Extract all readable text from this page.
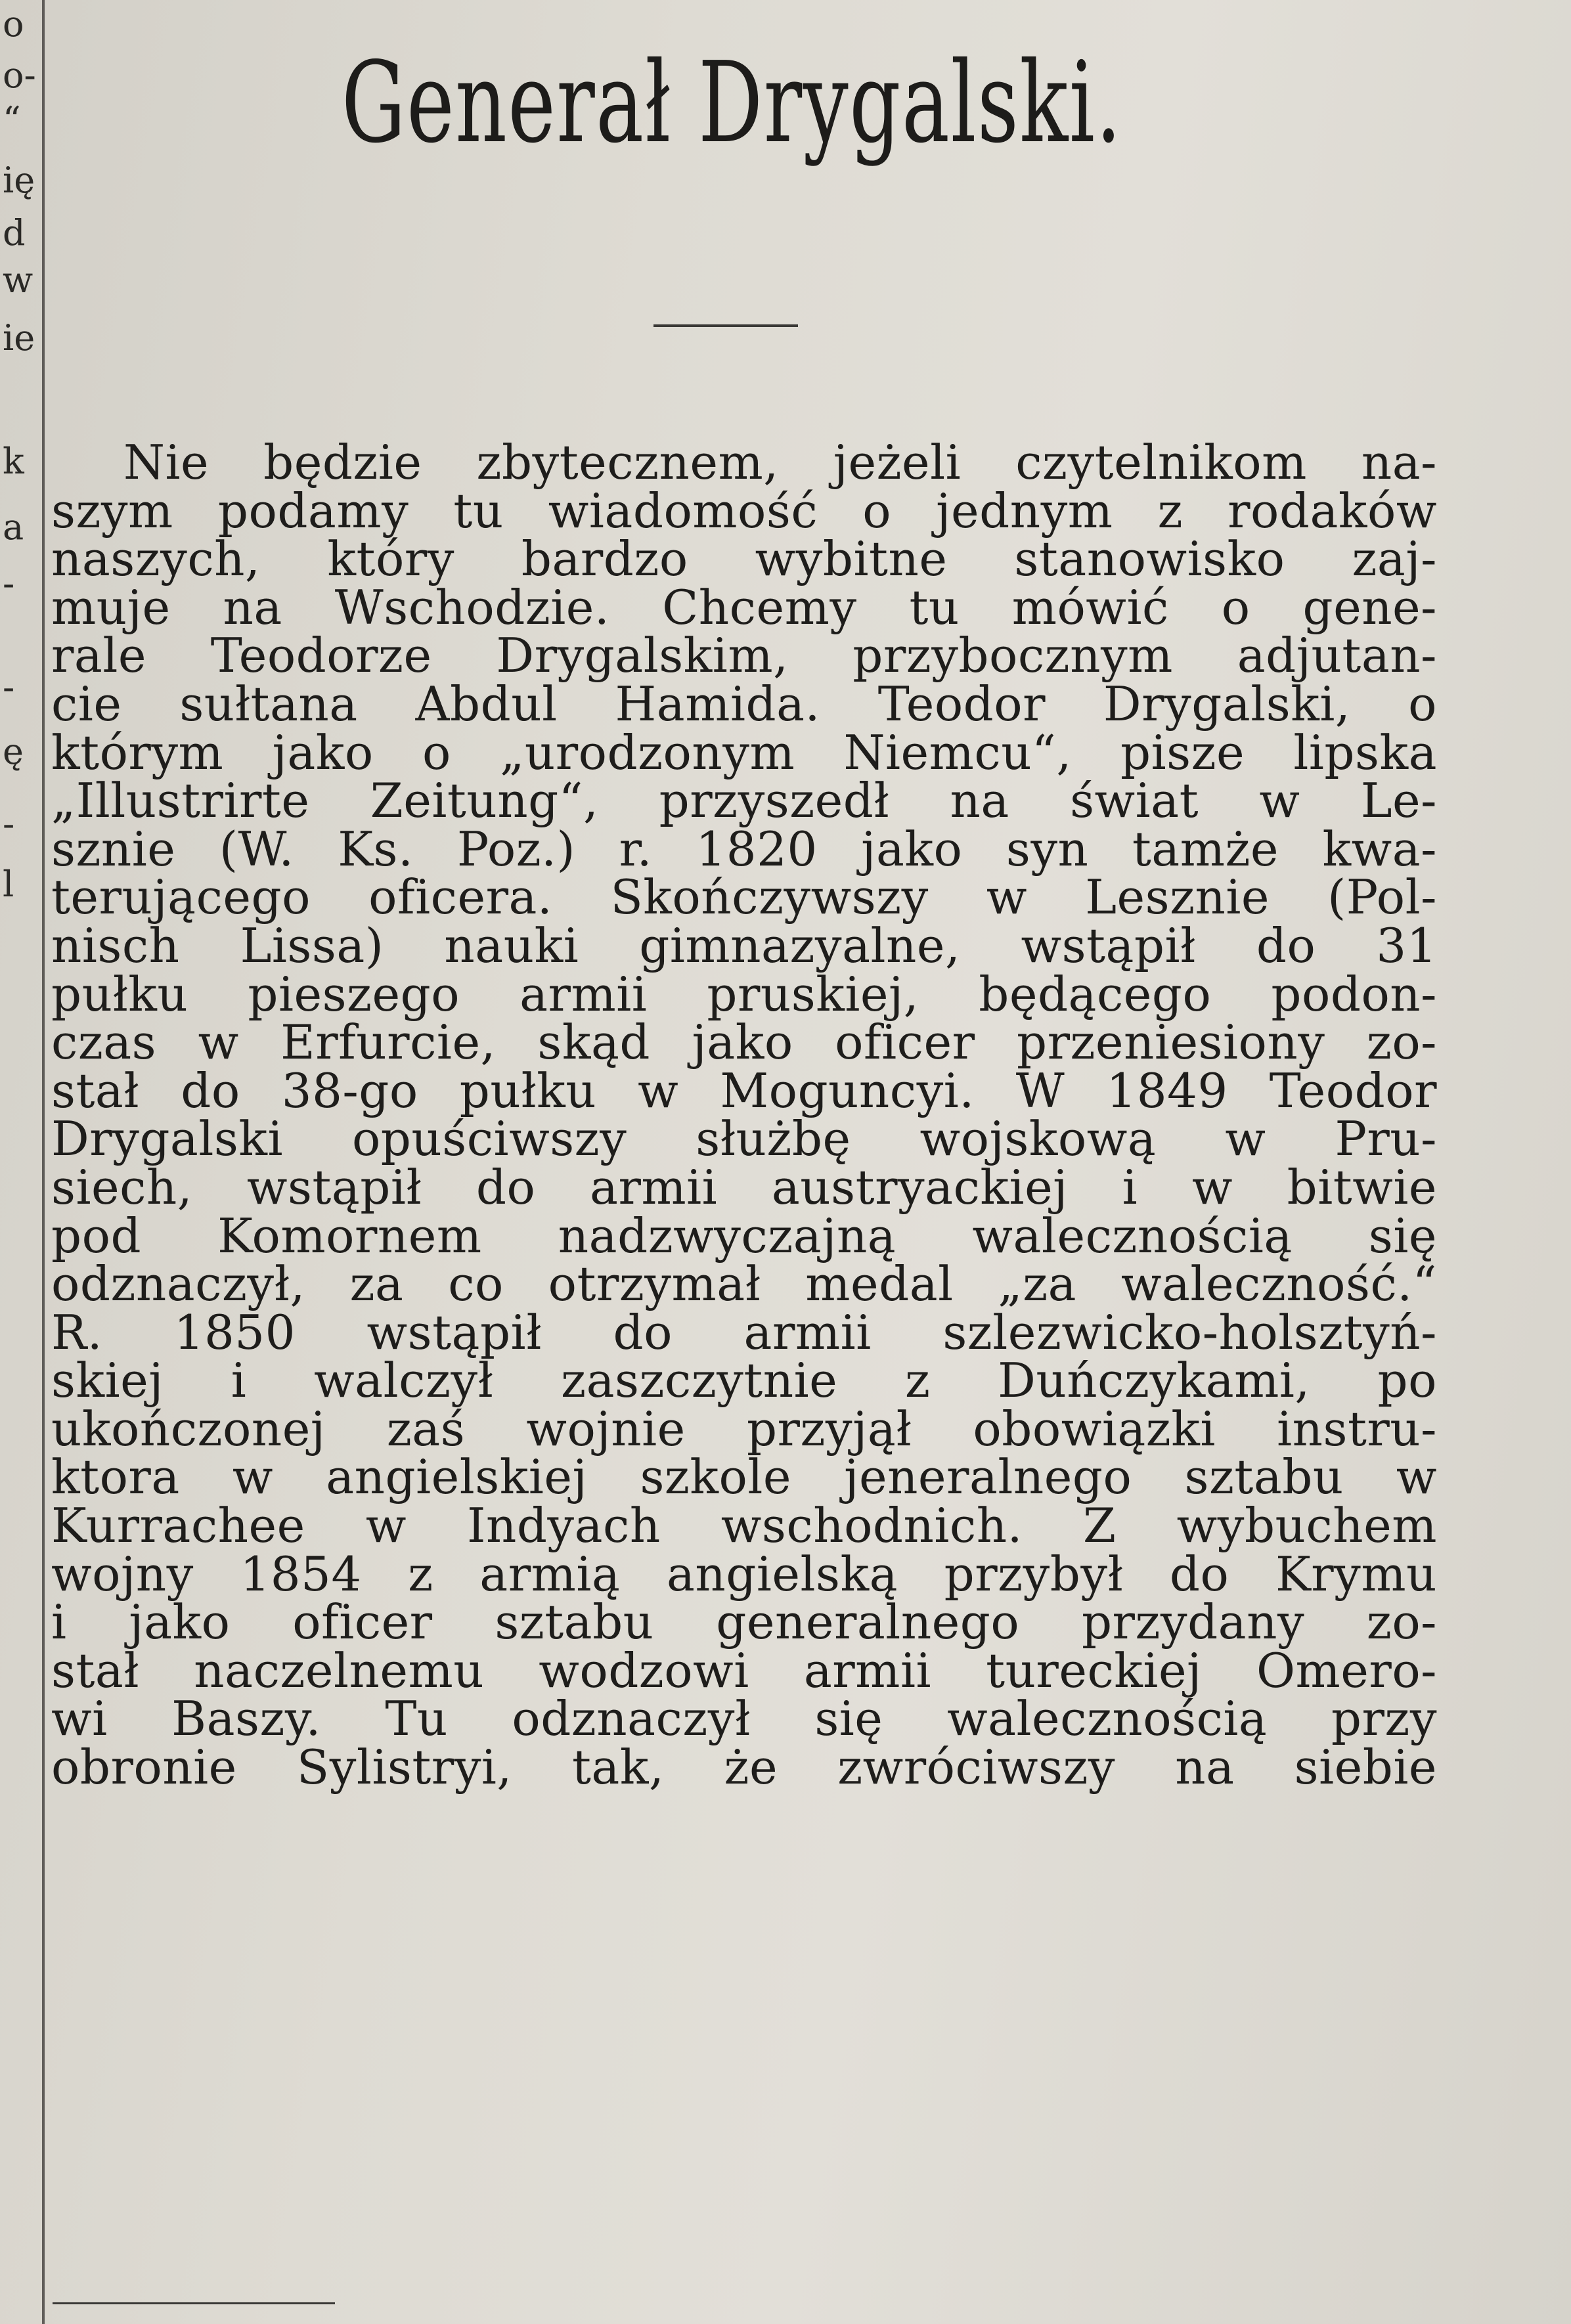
o
o-
“
ię
d
w
ie
k
a
-
-
ę
-
l
Generał Drygalski.
Nie będzie zbytecznem, jeżeli czytelnikom na-
szym podamy tu wiadomość o jednym z rodaków
naszych, który bardzo wybitne stanowisko zaj-
muje na Wschodzie. Chcemy tu mówić o gene-
rale Teodorze Drygalskim, przybocznym adjutan-
cie sułtana Abdul Hamida. Teodor Drygalski, o
którym jako o „urodzonym Niemcu“, pisze lipska
„Illustrirte Zeitung“, przyszedł na świat w Le-
sznie (W. Ks. Poz.) r. 1820 jako syn tamże kwa-
terującego oficera. Skończywszy w Lesznie (Pol-
nisch Lissa) nauki gimnazyalne, wstąpił do 31
pułku pieszego armii pruskiej, będącego podon-
czas w Erfurcie, skąd jako oficer przeniesiony zo-
stał do 38-go pułku w Moguncyi. W 1849 Teodor
Drygalski opuściwszy służbę wojskową w Pru-
siech, wstąpił do armii austryackiej i w bitwie
pod Komornem nadzwyczajną walecznością się
odznaczył, za co otrzymał medal „za waleczność.“
R. 1850 wstąpił do armii szlezwicko-holsztyń-
skiej i walczył zaszczytnie z Duńczykami, po
ukończonej zaś wojnie przyjął obowiązki instru-
ktora w angielskiej szkole jeneralnego sztabu w
Kurrachee w Indyach wschodnich. Z wybuchem
wojny 1854 z armią angielską przybył do Krymu
i jako oficer sztabu generalnego przydany zo-
stał naczelnemu wodzowi armii tureckiej Omero-
wi Baszy. Tu odznaczył się walecznością przy
obronie Sylistryi, tak, że zwróciwszy na siebie
